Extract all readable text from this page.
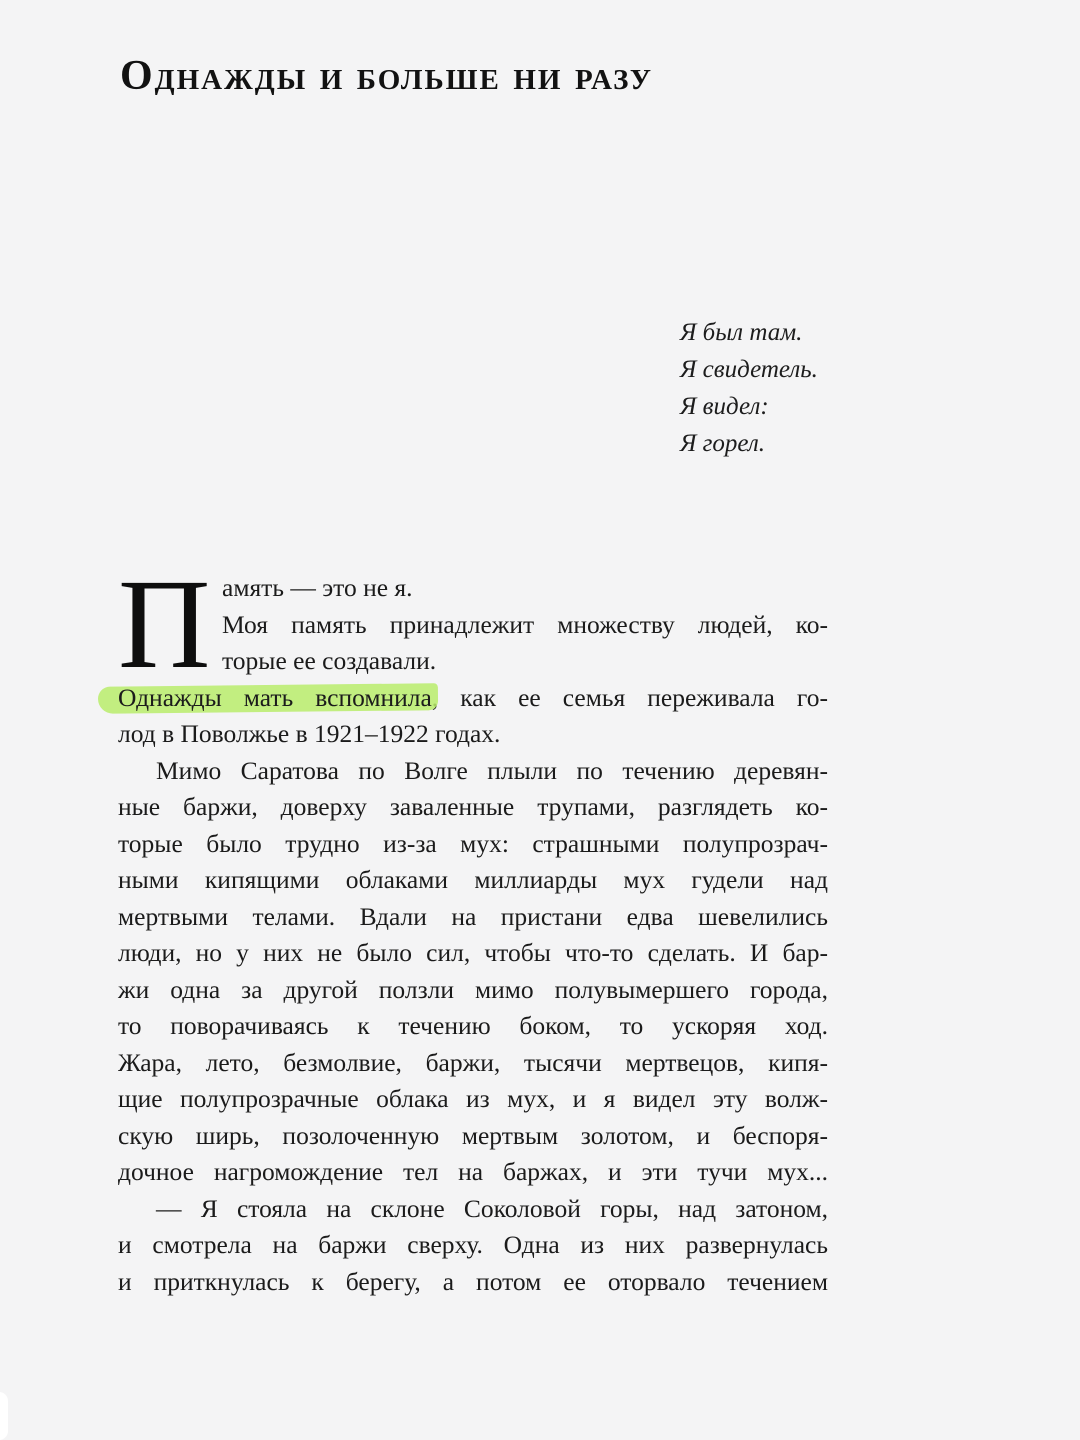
Однажды и больше ни разу
Я был там.
Я свидетель.
Я видел:
Я горел.
П амять — это не я.
Моя память принадлежит множеству людей, ко-
торые ее создавали.
Однажды мать вспомнила, как ее семья переживала го-
лод в Поволжье в 1921–1922 годах.
Мимо Саратова по Волге плыли по течению деревян-
ные баржи, доверху заваленные трупами, разглядеть ко-
торые было трудно из-за мух: страшными полупрозрач-
ными кипящими облаками миллиарды мух гудели над
мертвыми телами. Вдали на пристани едва шевелились
люди, но у них не было сил, чтобы что-то сделать. И бар-
жи одна за другой ползли мимо полувымершего города,
то поворачиваясь к течению боком, то ускоряя ход.
Жара, лето, безмолвие, баржи, тысячи мертвецов, кипя-
щие полупрозрачные облака из мух, и я видел эту волж-
скую ширь, позолоченную мертвым золотом, и беспоря-
дочное нагромождение тел на баржах, и эти тучи мух...
— Я стояла на склоне Соколовой горы, над затоном,
и смотрела на баржи сверху. Одна из них развернулась
и приткнулась к берегу, а потом ее оторвало течением
